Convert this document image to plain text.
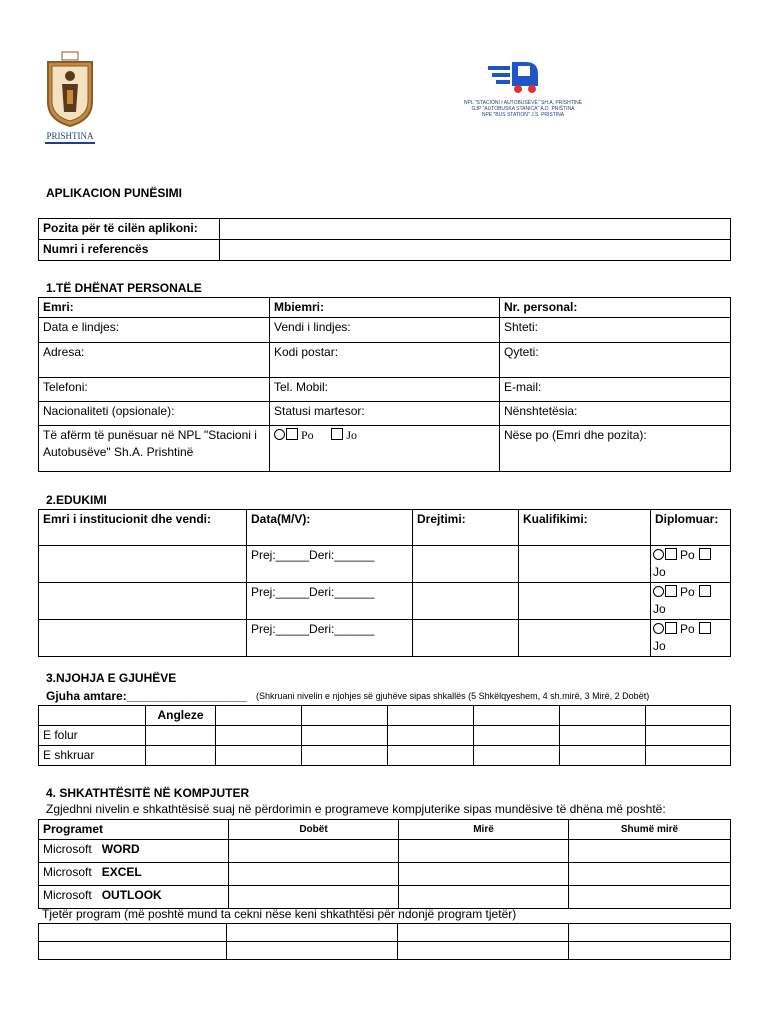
PRISHTINA
NPL "STACIONI I AUTOBUSËVE" SH.A. PRISHTINË
GJP "AUTOBUSKA STANICA" A.D. PRIŠTINA
NPE "BUS STATION" J.S. PRISTINA
APLIKACION PUNËSIMI
Pozita për të cilën aplikoni:	
Numri i referencës	
1.TË DHËNAT PERSONALE
Emri:	Mbiemri:	Nr. personal:
Data e lindjes:	Vendi i lindjes:	Shteti:
Adresa:	Kodi postar:	Qyteti:
Telefoni:	Tel. Mobil:	E-mail:
Nacionaliteti (opsionale):	Statusi martesor:	Nënshtetësia:
Të afërm të punësuar në NPL "Stacioni i Autobusëve" Sh.A. Prishtinë	Po Jo	Nëse po (Emri dhe pozita):
2.EDUKIMI
Emri i institucionit dhe vendi:	Data(M/V):	Drejtimi:	Kualifikimi:	Diplomuar:
	Prej:_____Deri:______			Po
Jo
	Prej:_____Deri:______			Po
Jo
	Prej:_____Deri:______			Po
Jo
3.NJOHJA E GJUHËVE
Gjuha amtare:__________________ (Shkruani nivelin e njohjes së gjuhëve sipas shkallës (5 Shkëlqyeshem, 4 sh.mirë, 3 Mirë, 2 Dobët)
	Angleze						
E folur							
E shkruar							
4. SHKATHTËSITË NË KOMPJUTER
Zgjedhni nivelin e shkathtësisë suaj në përdorimin e programeve kompjuterike sipas mundësive të dhëna më poshtë:
Programet	Dobët	Mirë	Shumë mirë
Microsoft WORD			
Microsoft EXCEL			
Microsoft OUTLOOK			
Tjetër program (më poshtë mund ta cekni nëse keni shkathtësi për ndonjë program tjetër)
